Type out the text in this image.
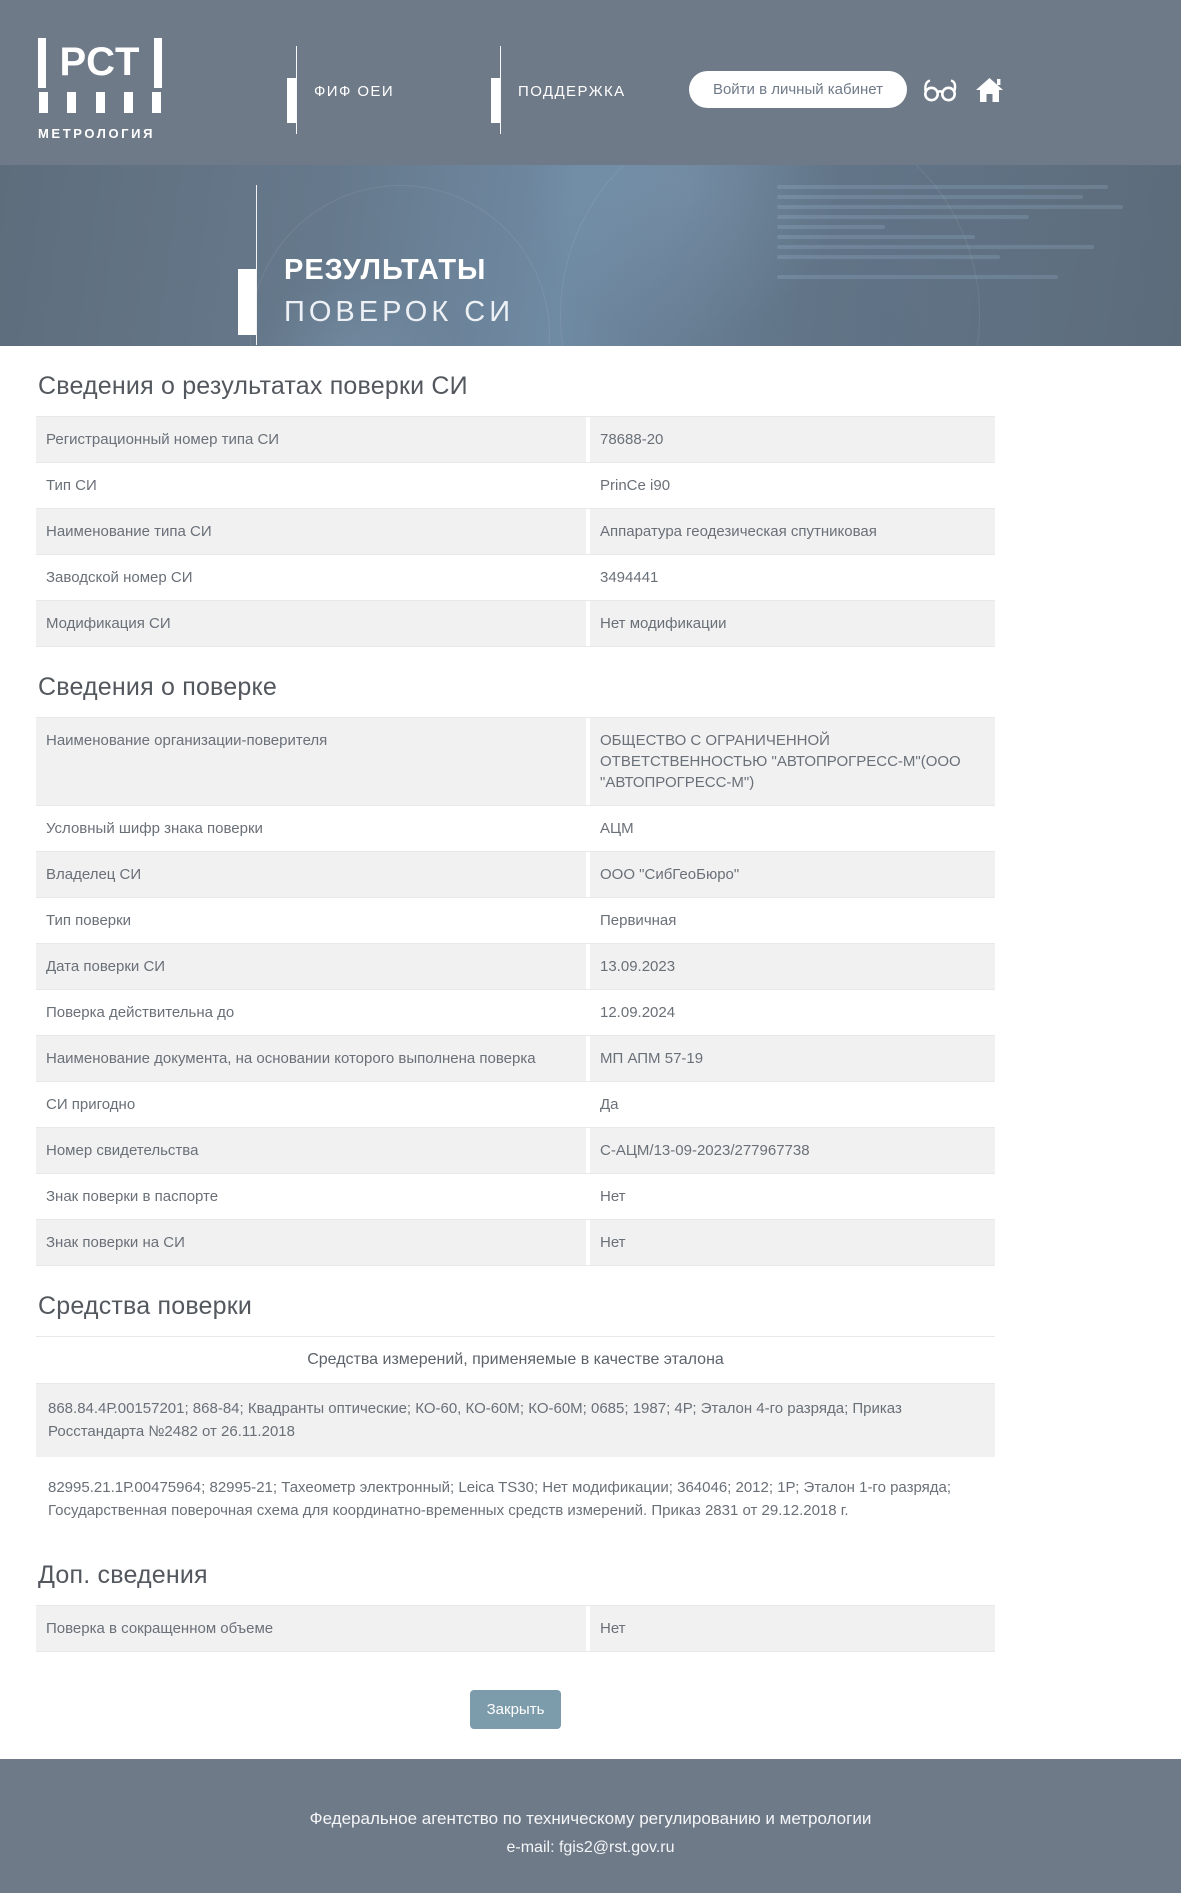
РСТ
МЕТРОЛОГИЯ
ФИФ ОЕИ	ПОДДЕРЖКА	Войти в личный кабинет

РЕЗУЛЬТАТЫ

ПОВЕРОК СИ

Сведения о результатах поверки СИ
Регистрационный номер типа СИ	78688-20
Тип СИ	PrinCe i90
Наименование типа СИ	Аппаратура геодезическая спутниковая
Заводской номер СИ	3494441
Модификация СИ	Нет модификации
Сведения о поверке
Наименование организации-поверителя	ОБЩЕСТВО С ОГРАНИЧЕННОЙ ОТВЕТСТВЕННОСТЬЮ "АВТОПРОГРЕСС-М"(ООО "АВТОПРОГРЕСС-М")
Условный шифр знака поверки	АЦМ
Владелец СИ	ООО "СибГеоБюро"
Тип поверки	Первичная
Дата поверки СИ	13.09.2023
Поверка действительна до	12.09.2024
Наименование документа, на основании которого выполнена поверка	МП АПМ 57-19
СИ пригодно	Да
Номер свидетельства	С-АЦМ/13-09-2023/277967738
Знак поверки в паспорте	Нет
Знак поверки на СИ	Нет
Средства поверки
Средства измерений, применяемые в качестве эталона
868.84.4Р.00157201; 868-84; Квадранты оптические; КО-60, КО-60М; КО-60М; 0685; 1987; 4Р; Эталон 4-го разряда; Приказ Росстандарта №2482 от 26.11.2018
82995.21.1Р.00475964; 82995-21; Тахеометр электронный; Leica TS30; Нет модификации; 364046; 2012; 1Р; Эталон 1-го разряда; Государственная поверочная схема для координатно-временных средств измерений. Приказ 2831 от 29.12.2018 г.
Доп. сведения
Поверка в сокращенном объеме	Нет
Закрыть

Федеральное агентство по техническому регулированию и метрологии

e-mail: fgis2@rst.gov.ru
